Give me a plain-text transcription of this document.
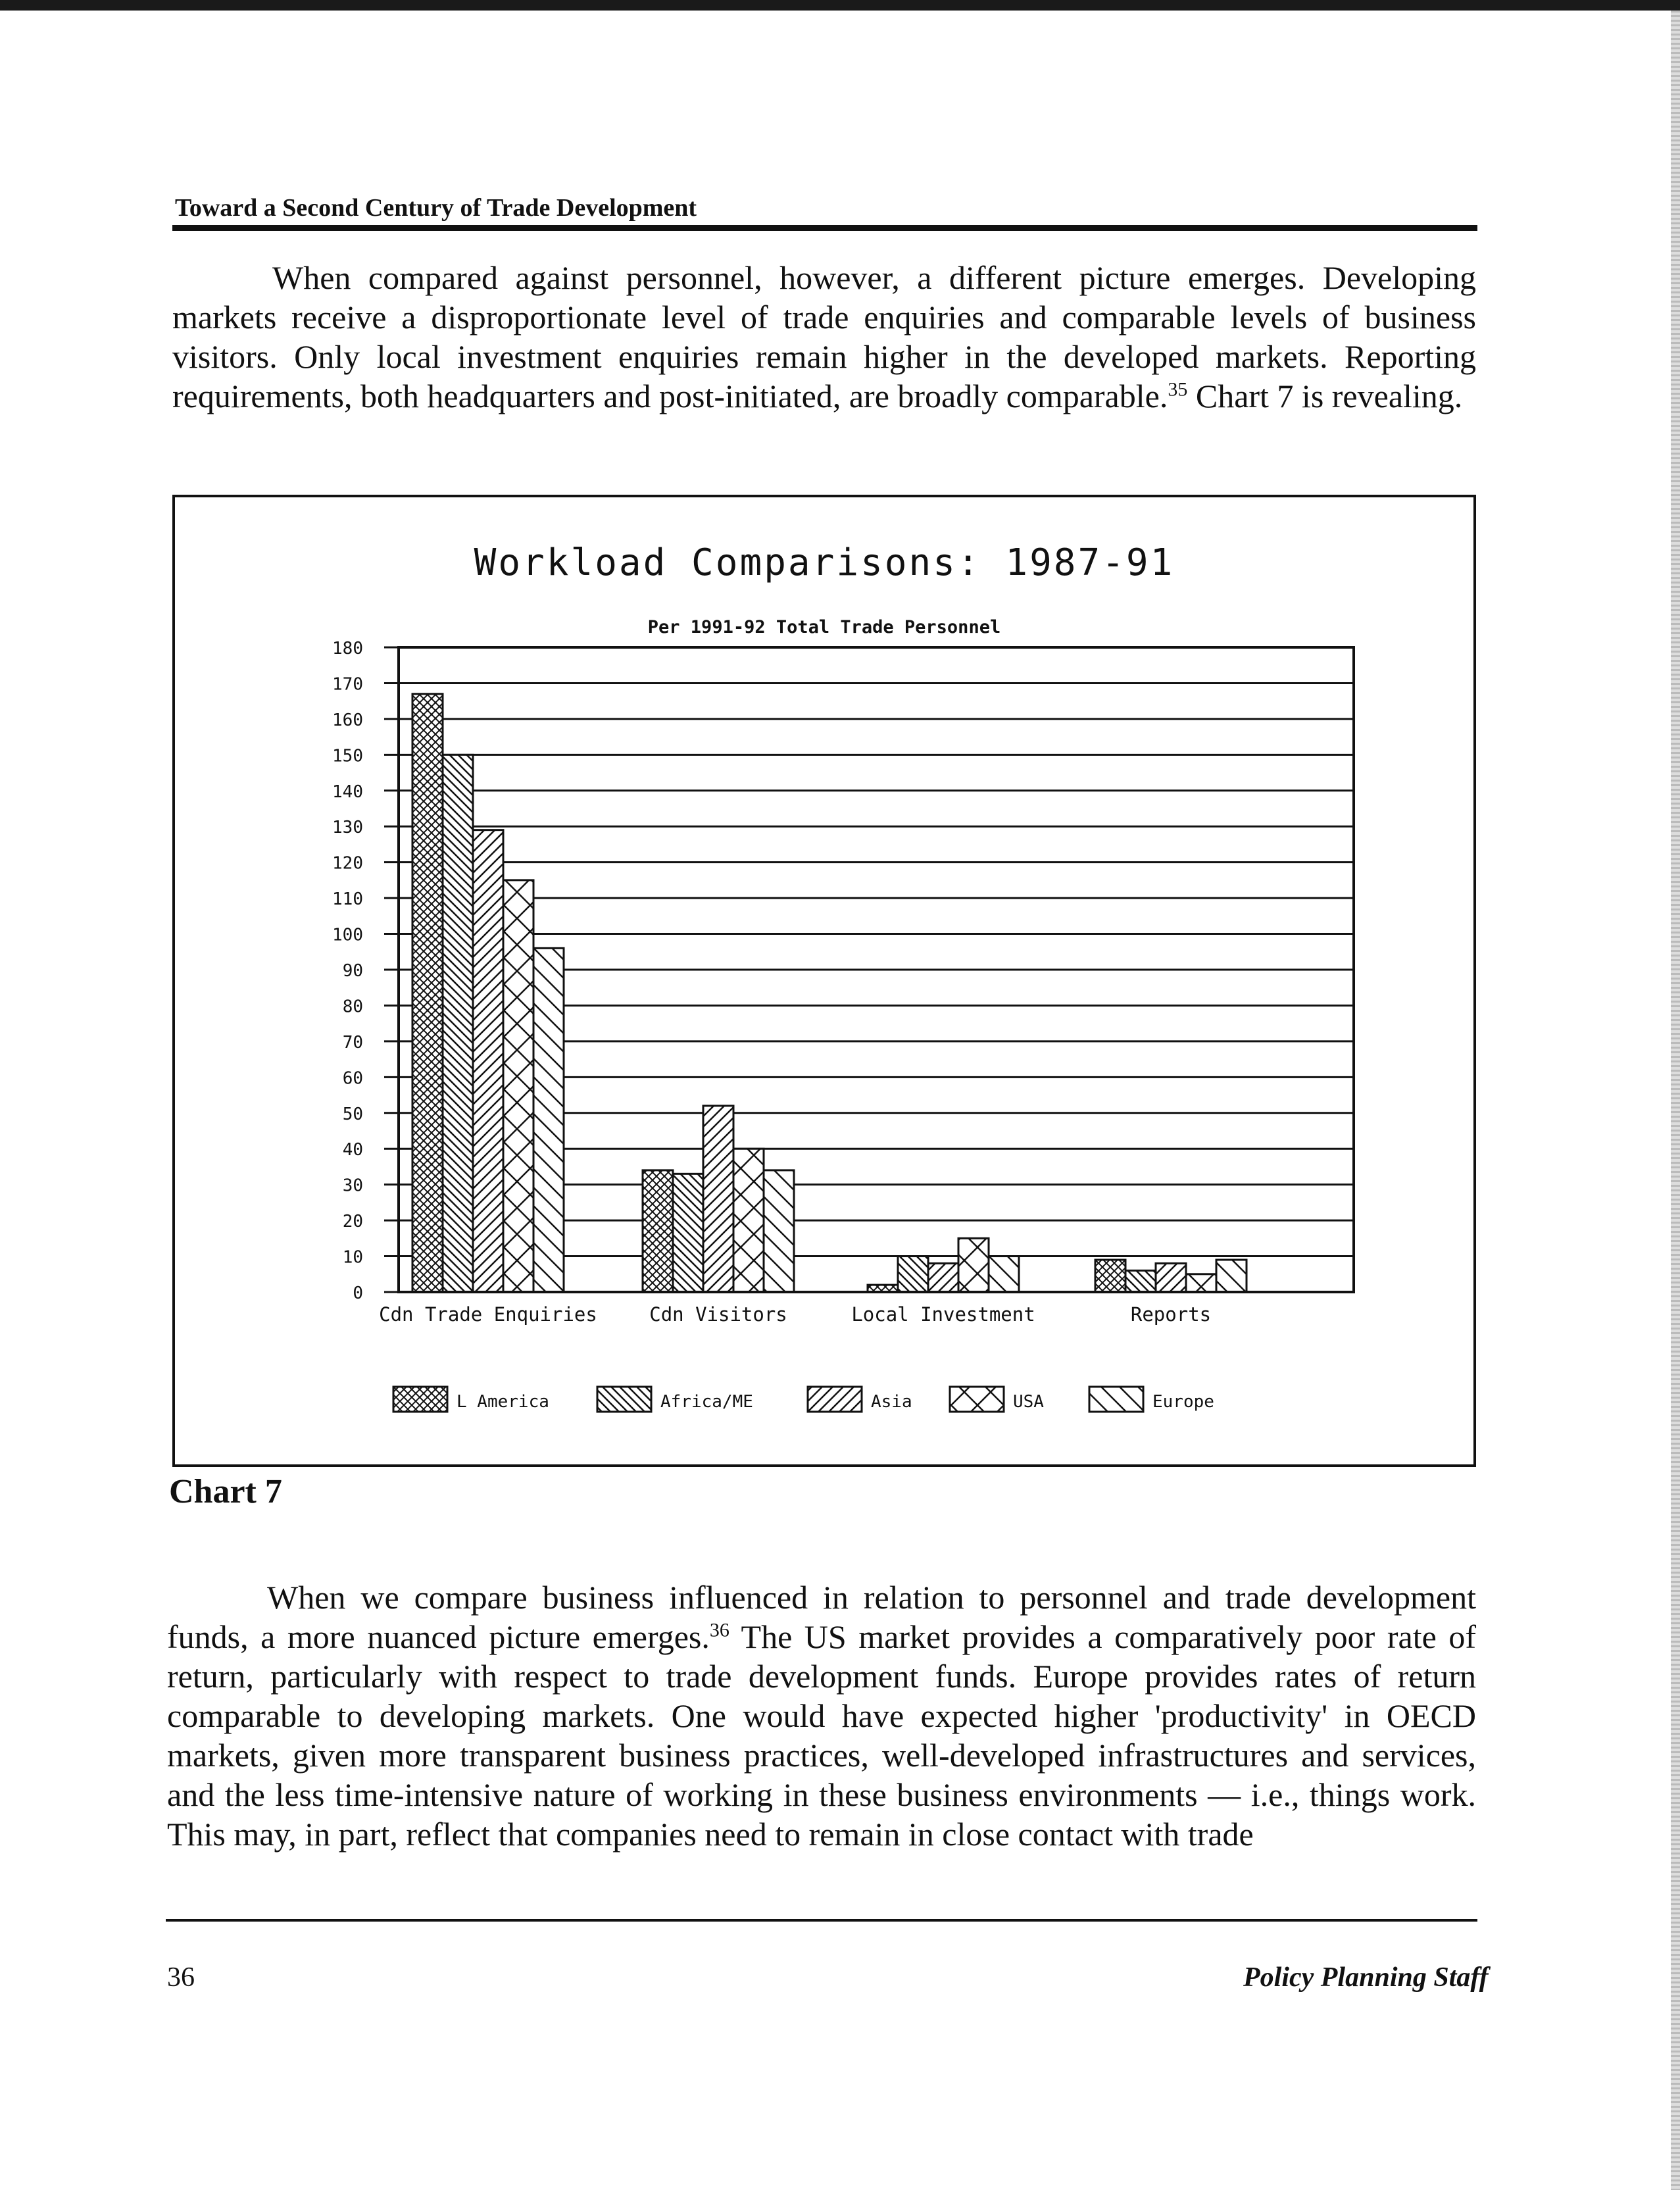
Toward a Second Century of Trade Development
When compared against personnel, however, a different picture emerges. Developing markets receive a disproportionate level of trade enquiries and comparable levels of business visitors. Only local investment enquiries remain higher in the developed markets. Reporting requirements, both headquarters and post-initiated, are broadly comparable.$^{35}$ Chart 7 is revealing.
Workload Comparisons: 1987-91
Per 1991-92 Total Trade Personnel
0
10
20
30
40
50
60
70
80
90
100
110
120
130
140
150
160
170
180
Cdn Trade Enquiries	Cdn Visitors	Local Investment	Reports
L America	Africa/ME	Asia	USA	Europe
Chart 7
When we compare business influenced in relation to personnel and trade development funds, a more nuanced picture emerges.$^{36}$ The US market provides a comparatively poor rate of return, particularly with respect to trade development funds. Europe provides rates of return comparable to developing markets. One would have expected higher 'productivity' in OECD markets, given more transparent business practices, well-developed infrastructures and services, and the less time-intensive nature of working in these business environments — i.e., things work. This may, in part, reflect that companies need to remain in close contact with trade
36	Policy Planning Staff
